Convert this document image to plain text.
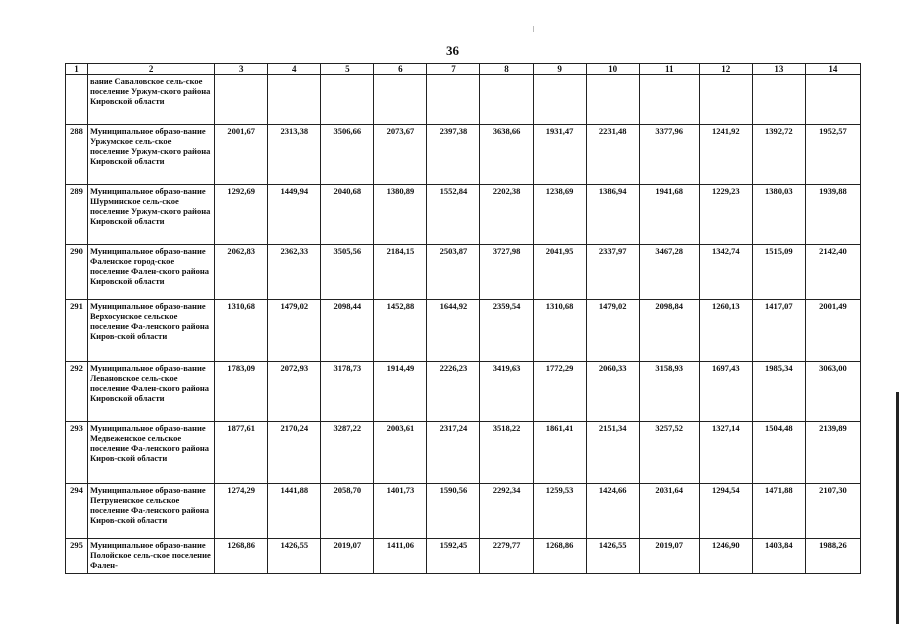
36
1	2	3	4	5	6	7	8	9	10	11	12	13	14
	вание Саваловское сель-ское поселение Уржум-ского района Кировской области												
288	Муниципальное образо-вание Уржумское сель-ское поселение Уржум-ского района Кировской области	2001,67	2313,38	3506,66	2073,67	2397,38	3638,66	1931,47	2231,48	3377,96	1241,92	1392,72	1952,57
289	Муниципальное образо-вание Шурминское сель-ское поселение Уржум-ского района Кировской области	1292,69	1449,94	2040,68	1380,89	1552,84	2202,38	1238,69	1386,94	1941,68	1229,23	1380,03	1939,88
290	Муниципальное образо-вание Фаленское город-ское поселение Фален-ского района Кировской области	2062,83	2362,33	3505,56	2184,15	2503,87	3727,98	2041,95	2337,97	3467,28	1342,74	1515,09	2142,40
291	Муниципальное образо-вание Верхосунское сельское поселение Фа-ленского района Киров-ской области	1310,68	1479,02	2098,44	1452,88	1644,92	2359,54	1310,68	1479,02	2098,84	1260,13	1417,07	2001,49
292	Муниципальное образо-вание Левановское сель-ское поселение Фален-ского района Кировской области	1783,09	2072,93	3178,73	1914,49	2226,23	3419,63	1772,29	2060,33	3158,93	1697,43	1985,34	3063,00
293	Муниципальное образо-вание Медвеженское сельское поселение Фа-ленского района Киров-ской области	1877,61	2170,24	3287,22	2003,61	2317,24	3518,22	1861,41	2151,34	3257,52	1327,14	1504,48	2139,89
294	Муниципальное образо-вание Петруненское сельское поселение Фа-ленского района Киров-ской области	1274,29	1441,88	2058,70	1401,73	1590,56	2292,34	1259,53	1424,66	2031,64	1294,54	1471,88	2107,30
295	Муниципальное образо-вание Полойское сель-ское поселение Фален-	1268,86	1426,55	2019,07	1411,06	1592,45	2279,77	1268,86	1426,55	2019,07	1246,90	1403,84	1988,26
